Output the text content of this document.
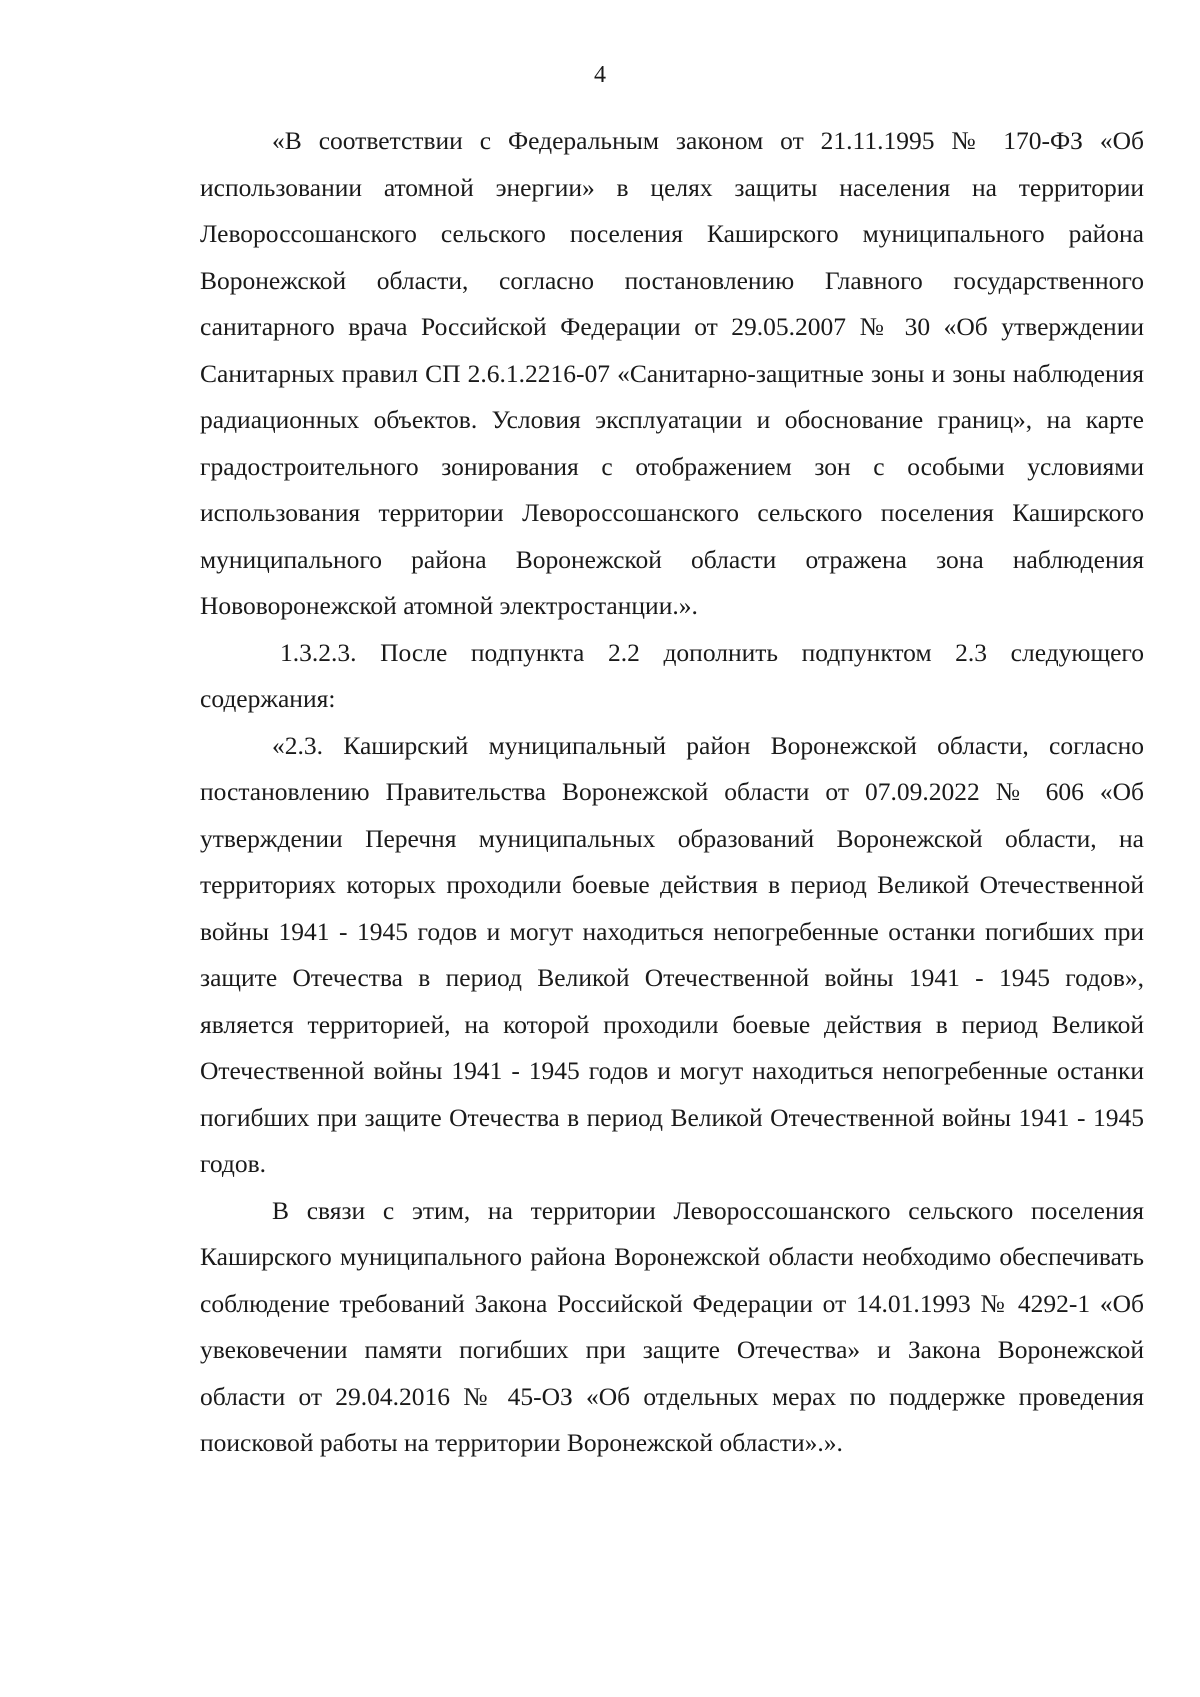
4

«В соответствии с Федеральным законом от 21.11.1995 № 170-ФЗ «Об использовании атомной энергии» в целях защиты населения на территории Левороссошанского сельского поселения Каширского муниципального района Воронежской области, согласно постановлению Главного государственного санитарного врача Российской Федерации от 29.05.2007 № 30 «Об утверждении Санитарных правил СП 2.6.1.2216-07 «Санитарно-защитные зоны и зоны наблюдения радиационных объектов. Условия эксплуатации и обоснование границ», на карте градостроительного зонирования с отображением зон с особыми условиями использования территории Левороссошанского сельского поселения Каширского муниципального района Воронежской области отражена зона наблюдения Нововоронежской атомной электростанции.».

1.3.2.3. После подпункта 2.2 дополнить подпунктом 2.3 следующего содержания:

«2.3. Каширский муниципальный район Воронежской области, согласно постановлению Правительства Воронежской области от 07.09.2022 № 606 «Об утверждении Перечня муниципальных образований Воронежской области, на территориях которых проходили боевые действия в период Великой Отечественной войны 1941 - 1945 годов и могут находиться непогребенные останки погибших при защите Отечества в период Великой Отечественной войны 1941 - 1945 годов», является территорией, на которой проходили боевые действия в период Великой Отечественной войны 1941 - 1945 годов и могут находиться непогребенные останки погибших при защите Отечества в период Великой Отечественной войны 1941 - 1945 годов.

В связи с этим, на территории Левороссошанского сельского поселения Каширского муниципального района Воронежской области необходимо обеспечивать соблюдение требований Закона Российской Федерации от 14.01.1993 № 4292-1 «Об увековечении памяти погибших при защите Отечества» и Закона Воронежской области от 29.04.2016 № 45-ОЗ «Об отдельных мерах по поддержке проведения поисковой работы на территории Воронежской области».».
